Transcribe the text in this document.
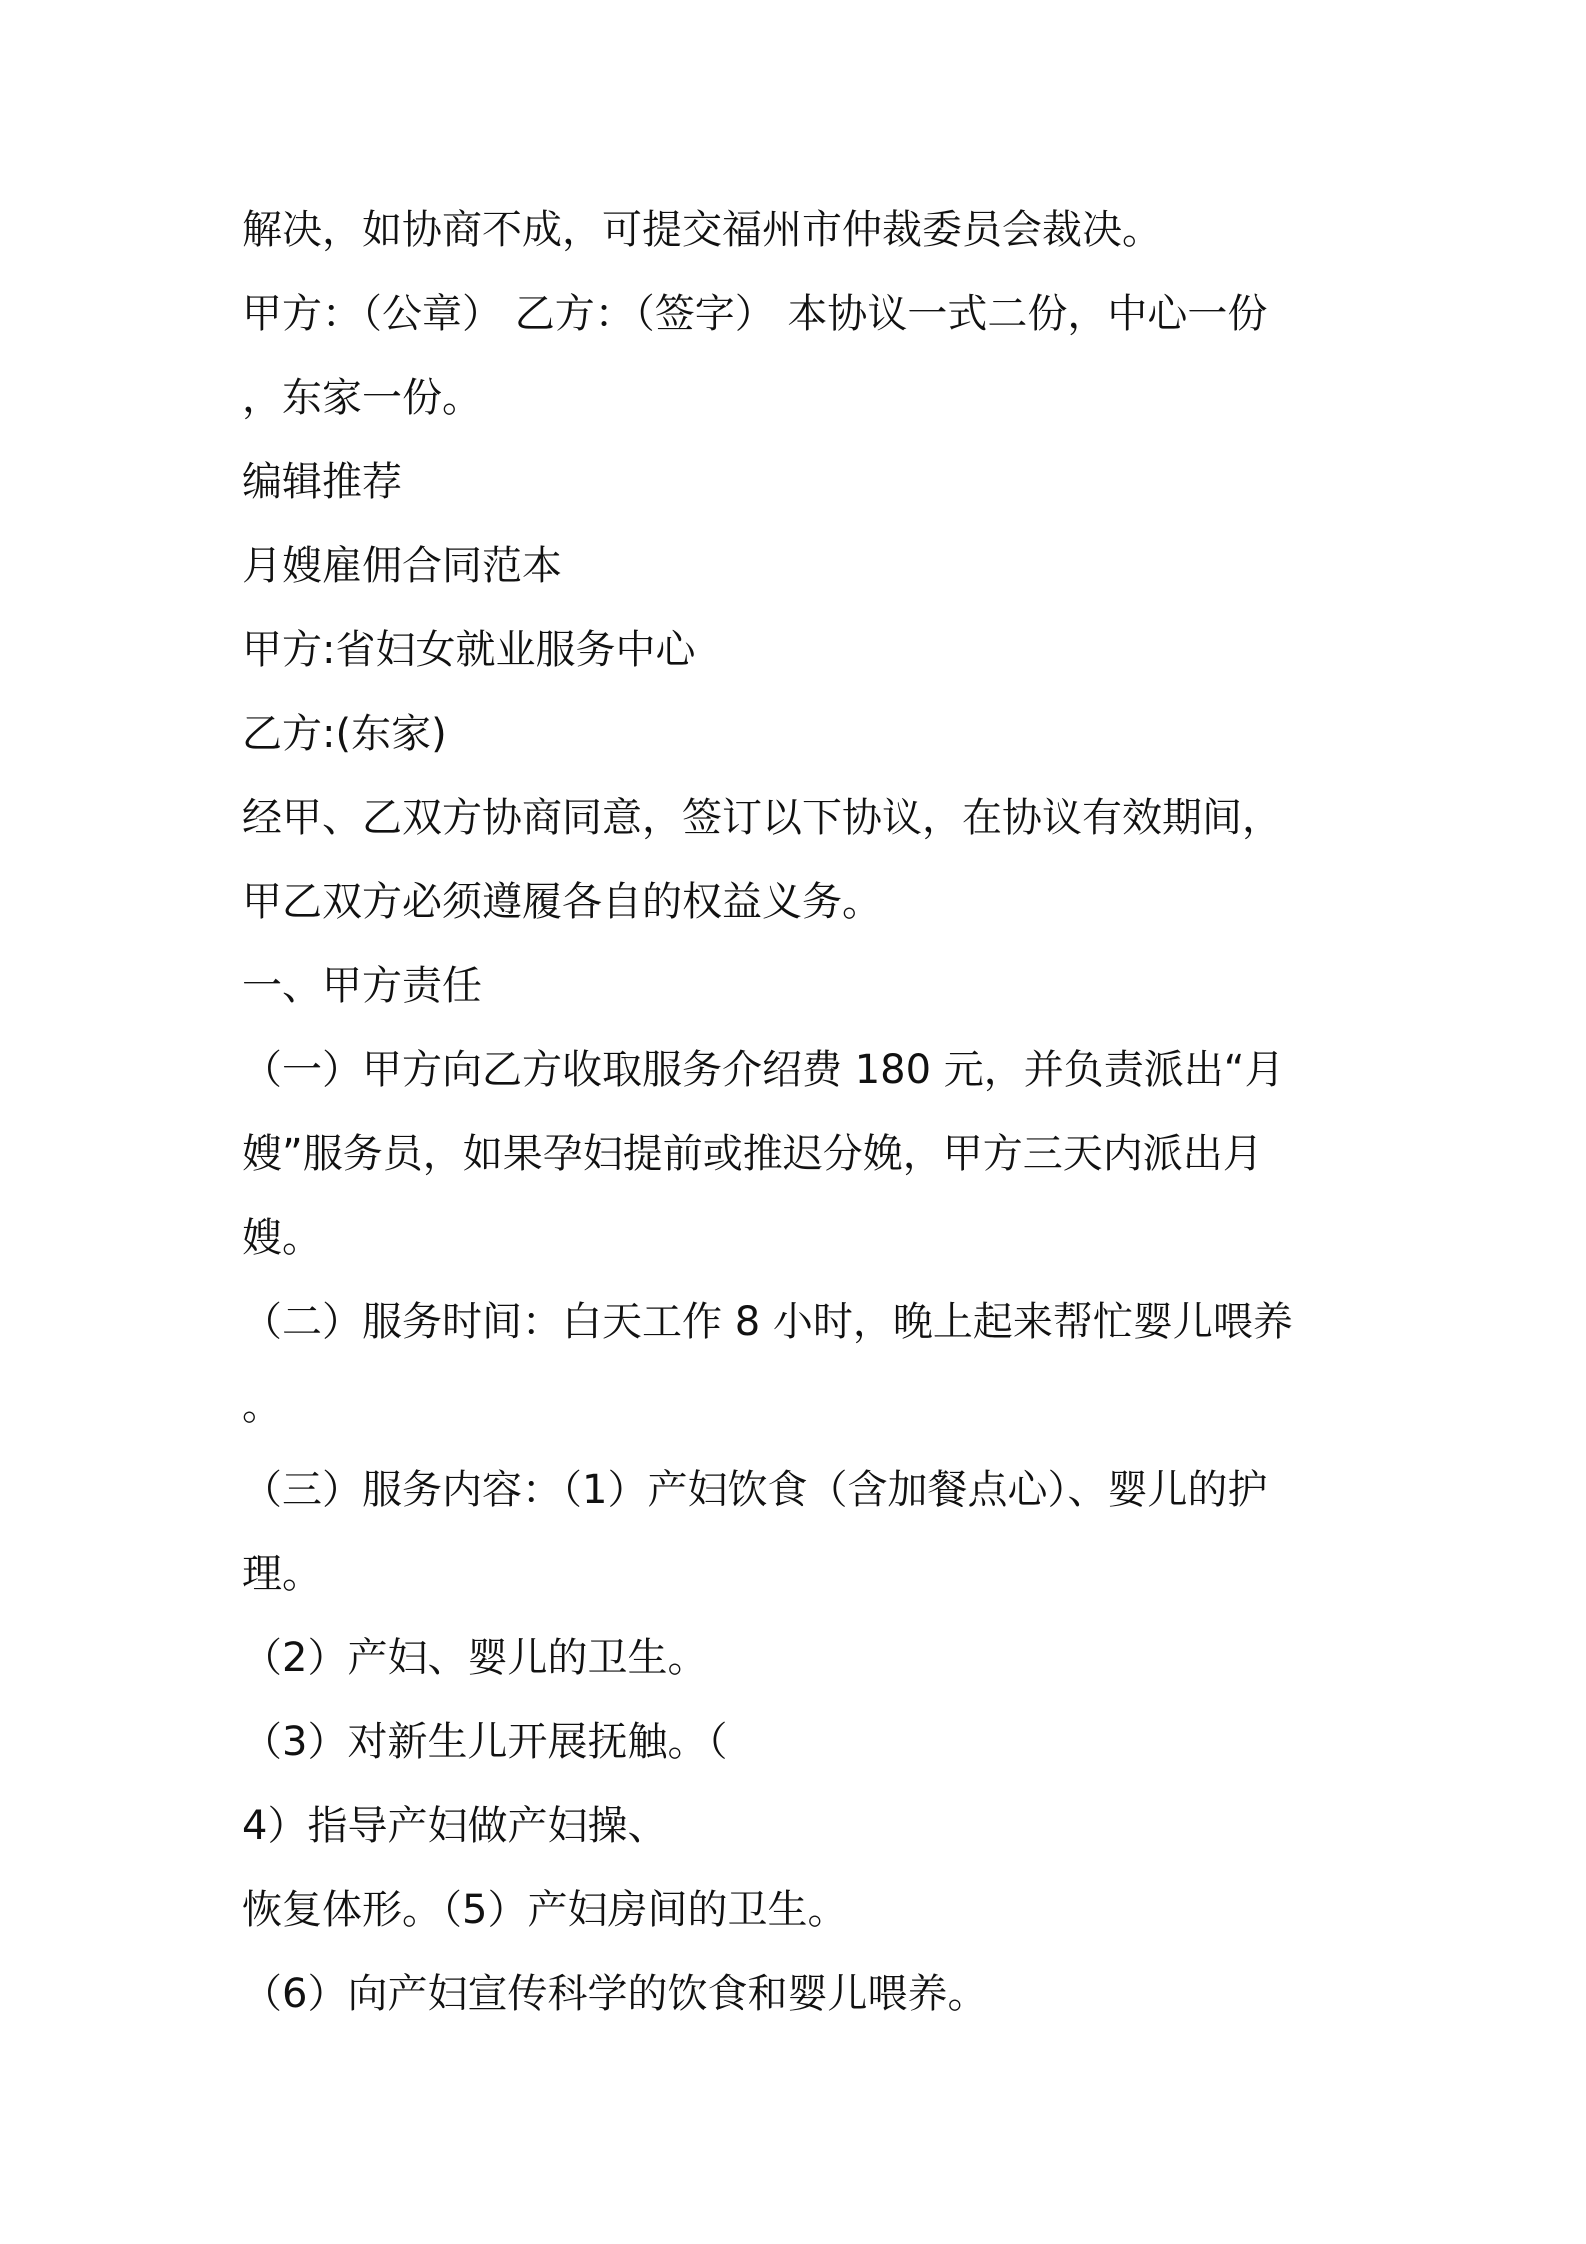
解决，如协商不成，可提交福州市仲裁委员会裁决。
甲方：（公章） 乙方：（签字） 本协议一式二份，中心一份
，东家一份。
编辑推荐
月嫂雇佣合同范本
甲方:省妇女就业服务中心
乙方:(东家)
经甲、乙双方协商同意，签订以下协议，在协议有效期间，
甲乙双方必须遵履各自的权益义务。
一、甲方责任
（一）甲方向乙方收取服务介绍费 180 元，并负责派出“月
嫂”服务员，如果孕妇提前或推迟分娩，甲方三天内派出月
嫂。
（二）服务时间：白天工作 8 小时，晚上起来帮忙婴儿喂养
。
（三）服务内容：（1）产妇饮食（含加餐点心）、婴儿的护
理。
（2）产妇、婴儿的卫生。
（3）对新生儿开展抚触。（
4）指导产妇做产妇操、
恢复体形。（5）产妇房间的卫生。
（6）向产妇宣传科学的饮食和婴儿喂养。
